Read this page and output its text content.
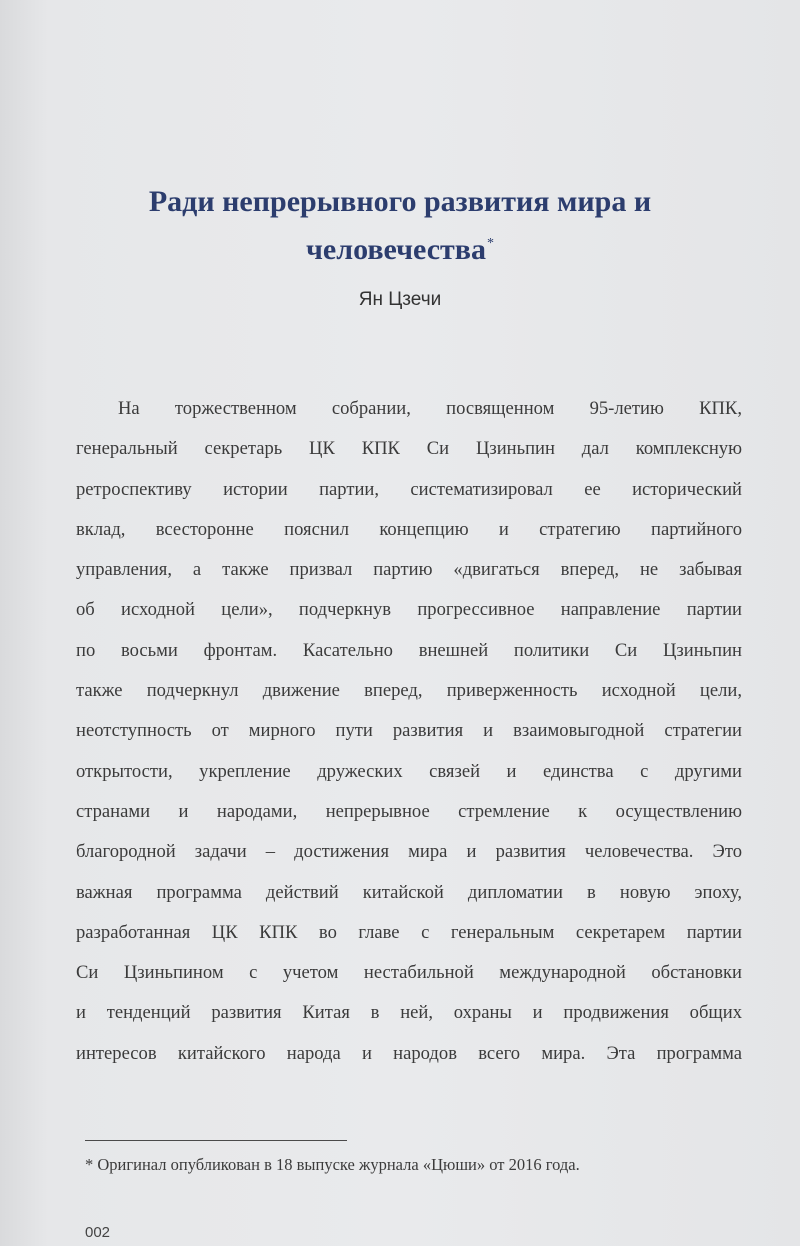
Ради непрерывного развития мира и
человечества*

Ян Цзечи

На торжественном собрании, посвященном 95-летию КПК,
генеральный секретарь ЦК КПК Си Цзиньпин дал комплексную
ретроспективу истории партии, систематизировал ее исторический
вклад, всесторонне пояснил концепцию и стратегию партийного
управления, а также призвал партию «двигаться вперед, не забывая
об исходной цели», подчеркнув прогрессивное направление партии
по восьми фронтам. Касательно внешней политики Си Цзиньпин
также подчеркнул движение вперед, приверженность исходной цели,
неотступность от мирного пути развития и взаимовыгодной стратегии
открытости, укрепление дружеских связей и единства с другими
странами и народами, непрерывное стремление к осуществлению
благородной задачи – достижения мира и развития человечества. Это
важная программа действий китайской дипломатии в новую эпоху,
разработанная ЦК КПК во главе с генеральным секретарем партии
Си Цзиньпином с учетом нестабильной международной обстановки
и тенденций развития Китая в ней, охраны и продвижения общих
интересов китайского народа и народов всего мира. Эта программа

* Оригинал опубликован в 18 выпуске журнала «Цюши» от 2016 года.

002
